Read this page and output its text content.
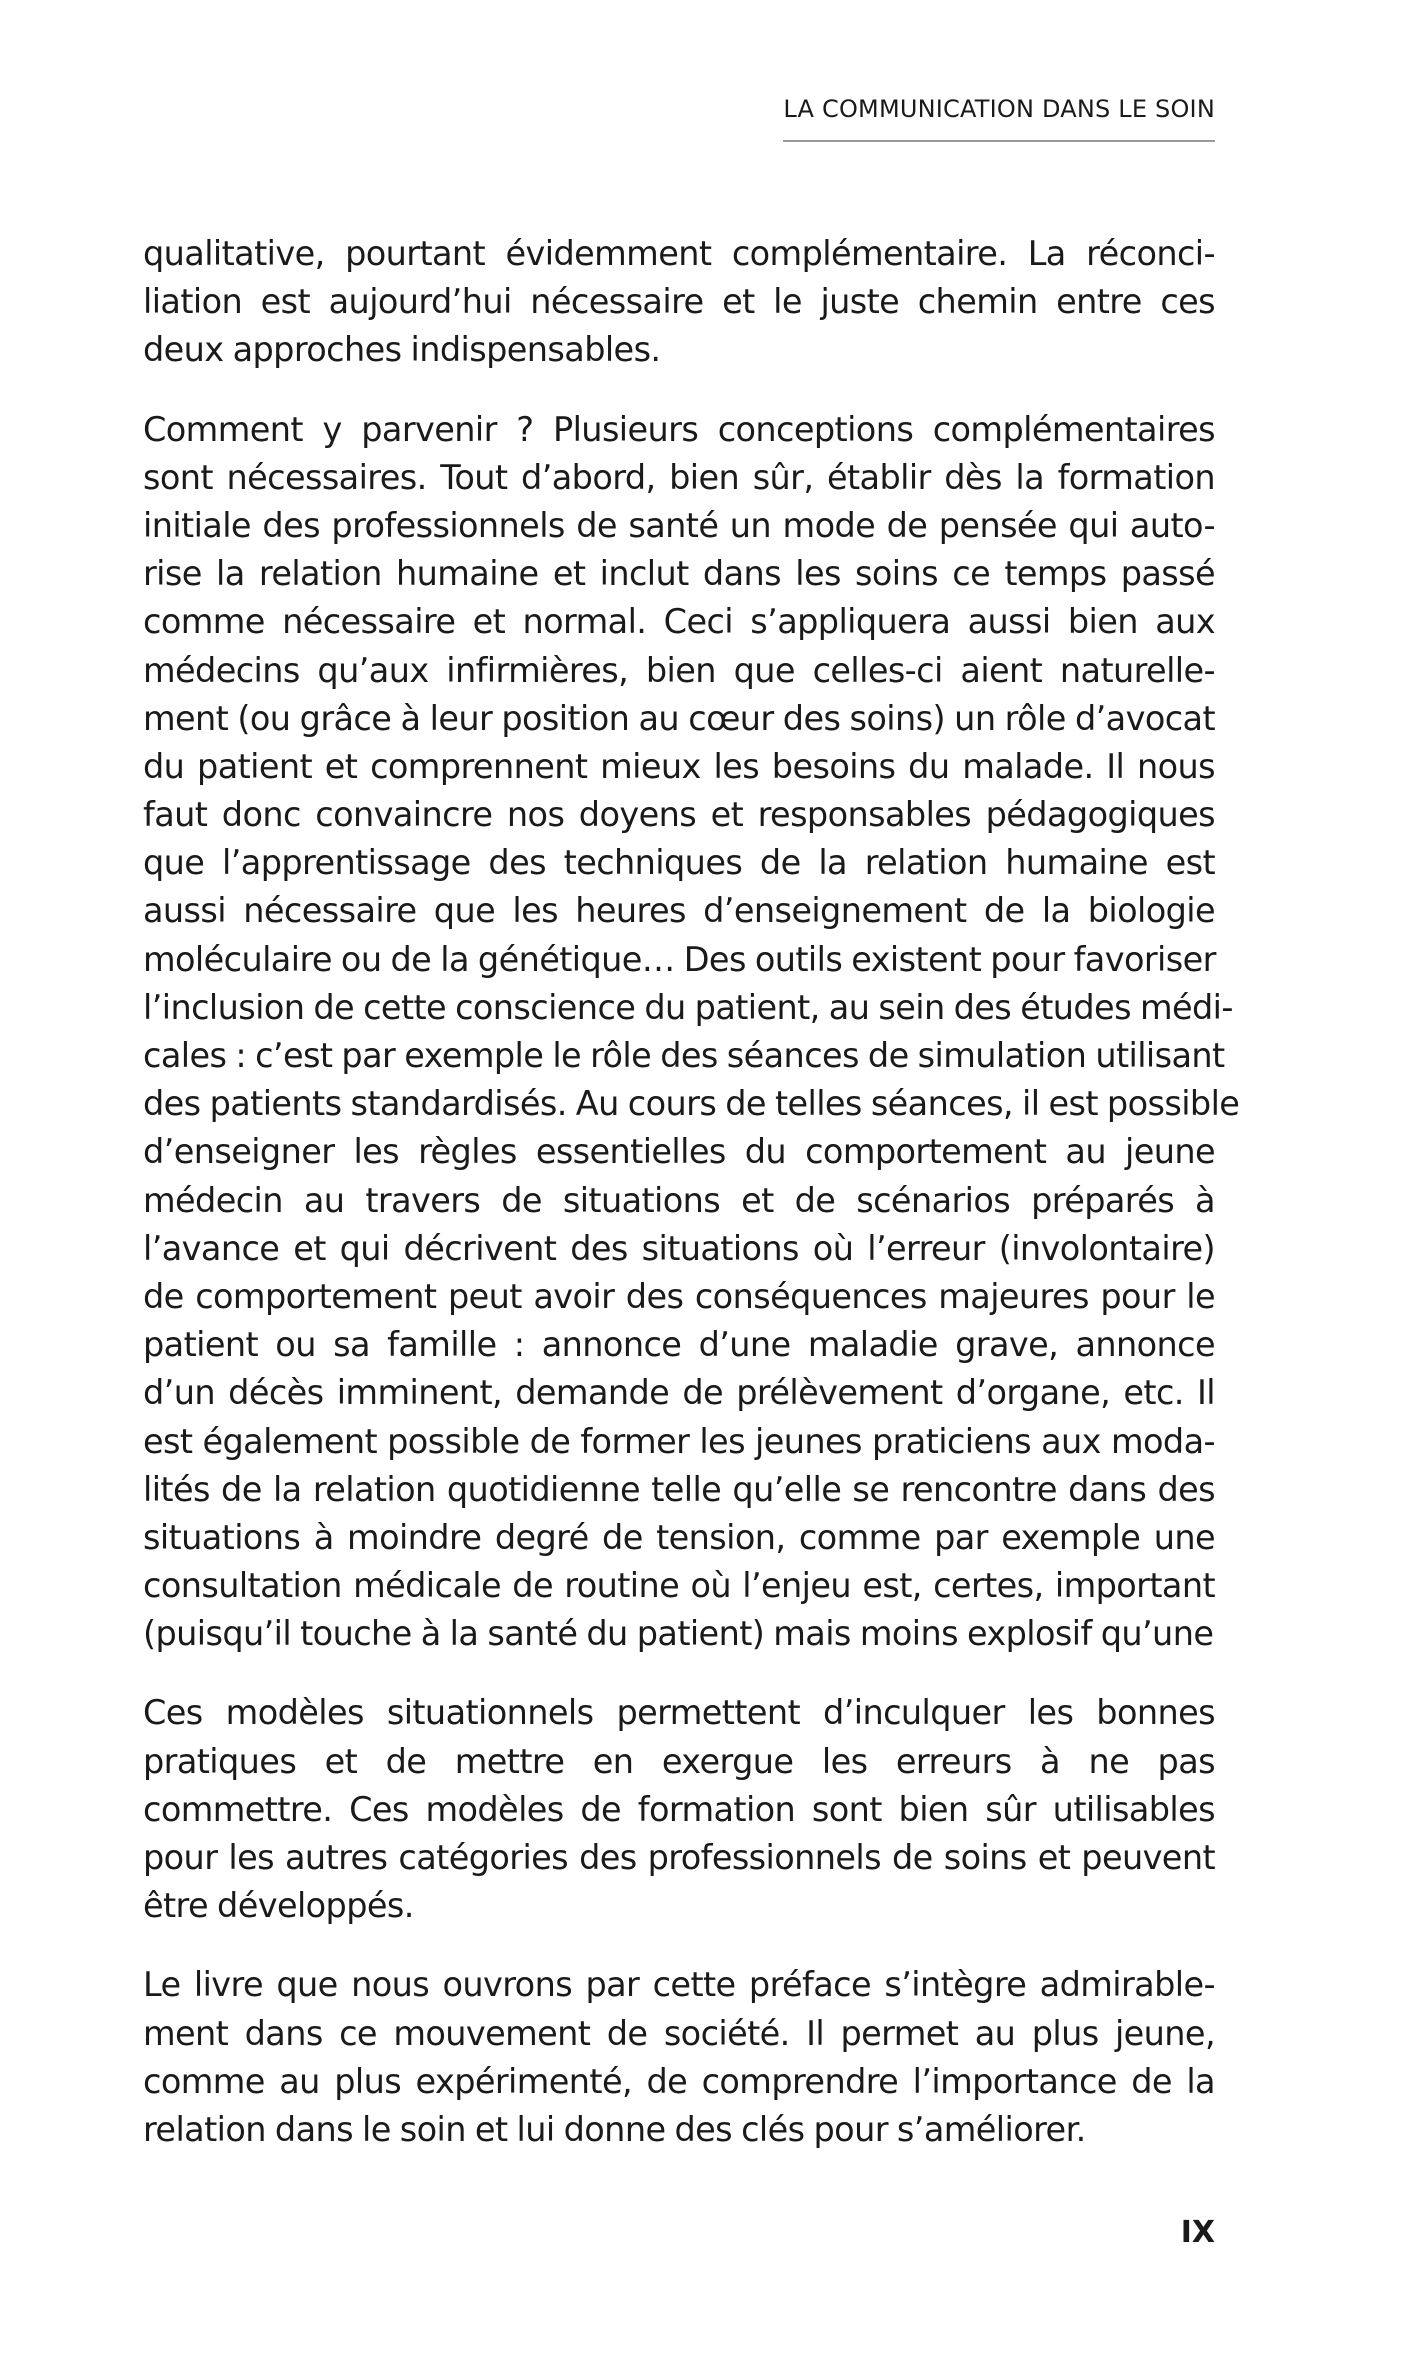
LA COMMUNICATION DANS LE SOIN

qualitative, pourtant évidemment complémentaire. La réconci-
liation est aujourd’hui nécessaire et le juste chemin entre ces
deux approches indispensables.

Comment y parvenir ? Plusieurs conceptions complémentaires
sont nécessaires. Tout d’abord, bien sûr, établir dès la formation
initiale des professionnels de santé un mode de pensée qui auto-
rise la relation humaine et inclut dans les soins ce temps passé
comme nécessaire et normal. Ceci s’appliquera aussi bien aux
médecins qu’aux infirmières, bien que celles-ci aient naturelle-
ment (ou grâce à leur position au cœur des soins) un rôle d’avocat
du patient et comprennent mieux les besoins du malade. Il nous
faut donc convaincre nos doyens et responsables pédagogiques
que l’apprentissage des techniques de la relation humaine est
aussi nécessaire que les heures d’enseignement de la biologie
moléculaire ou de la génétique… Des outils existent pour favoriser
l’inclusion de cette conscience du patient, au sein des études médi-
cales : c’est par exemple le rôle des séances de simulation utilisant
des patients standardisés. Au cours de telles séances, il est possible
d’enseigner les règles essentielles du comportement au jeune
médecin au travers de situations et de scénarios préparés à
l’avance et qui décrivent des situations où l’erreur (involontaire)
de comportement peut avoir des conséquences majeures pour le
patient ou sa famille : annonce d’une maladie grave, annonce
d’un décès imminent, demande de prélèvement d’organe, etc. Il
est également possible de former les jeunes praticiens aux moda-
lités de la relation quotidienne telle qu’elle se rencontre dans des
situations à moindre degré de tension, comme par exemple une
consultation médicale de routine où l’enjeu est, certes, important
(puisqu’il touche à la santé du patient) mais moins explosif qu’une

Ces modèles situationnels permettent d’inculquer les bonnes
pratiques et de mettre en exergue les erreurs à ne pas
commettre. Ces modèles de formation sont bien sûr utilisables
pour les autres catégories des professionnels de soins et peuvent
être développés.

Le livre que nous ouvrons par cette préface s’intègre admirable-
ment dans ce mouvement de société. Il permet au plus jeune,
comme au plus expérimenté, de comprendre l’importance de la
relation dans le soin et lui donne des clés pour s’améliorer.

IX
